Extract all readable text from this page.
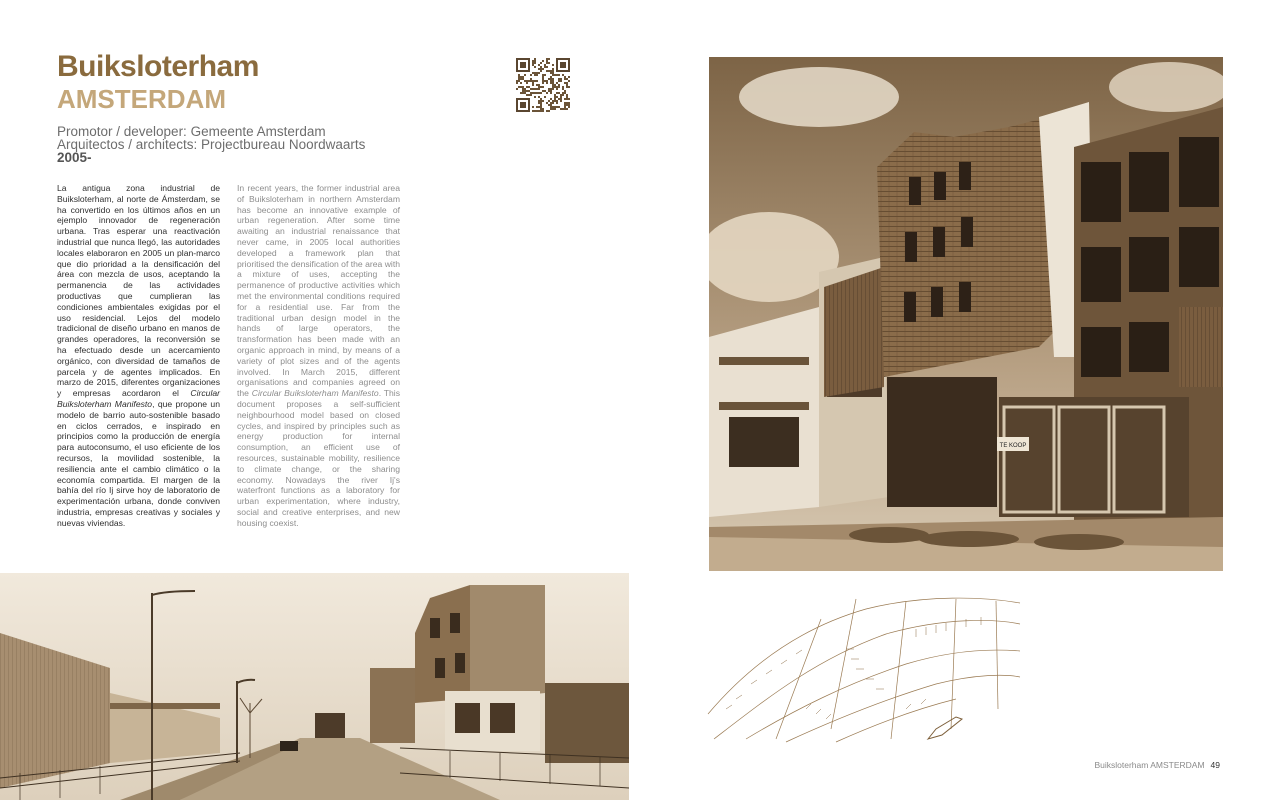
Buiksloterham
AMSTERDAM
Promotor / developer: Gemeente Amsterdam
Arquitectos / architects: Projectbureau Noordwaarts
2005-
La antigua zona industrial de Buiksloterham, al norte de Ámsterdam, se ha convertido en los últimos años en un ejemplo innovador de regeneración urbana. Tras esperar una reactivación industrial que nunca llegó, las autoridades locales elaboraron en 2005 un plan-marco que dio prioridad a la densificación del área con mezcla de usos, aceptando la permanencia de las actividades productivas que cumplieran las condiciones ambientales exigidas por el uso residencial. Lejos del modelo tradicional de diseño urbano en manos de grandes operadores, la reconversión se ha efectuado desde un acercamiento orgánico, con diversidad de tamaños de parcela y de agentes implicados. En marzo de 2015, diferentes organizaciones y empresas acordaron el Circular Buiksloterham Manifesto, que propone un modelo de barrio auto-sostenible basado en ciclos cerrados, e inspirado en principios como la producción de energía para autoconsumo, el uso eficiente de los recursos, la movilidad sostenible, la resiliencia ante el cambio climático o la economía compartida. El margen de la bahía del río Ij sirve hoy de laboratorio de experimentación urbana, donde conviven industria, empresas creativas y sociales y nuevas viviendas.
In recent years, the former industrial area of Buiksloterham in northern Amsterdam has become an innovative example of urban regeneration. After some time awaiting an industrial renaissance that never came, in 2005 local authorities developed a framework plan that prioritised the densification of the area with a mixture of uses, accepting the permanence of productive activities which met the environmental conditions required for a residential use. Far from the traditional urban design model in the hands of large operators, the transformation has been made with an organic approach in mind, by means of a variety of plot sizes and of the agents involved. In March 2015, different organisations and companies agreed on the Circular Buiksloterham Manifesto. This document proposes a self-sufficient neighbourhood model based on closed cycles, and inspired by principles such as energy production for internal consumption, an efficient use of resources, sustainable mobility, resilience to climate change, or the sharing economy. Nowadays the river Ij's waterfront functions as a laboratory for urban experimentation, where industry, social and creative enterprises, and new housing coexist.
TE KOOP
Buiksloterham AMSTERDAM 49
